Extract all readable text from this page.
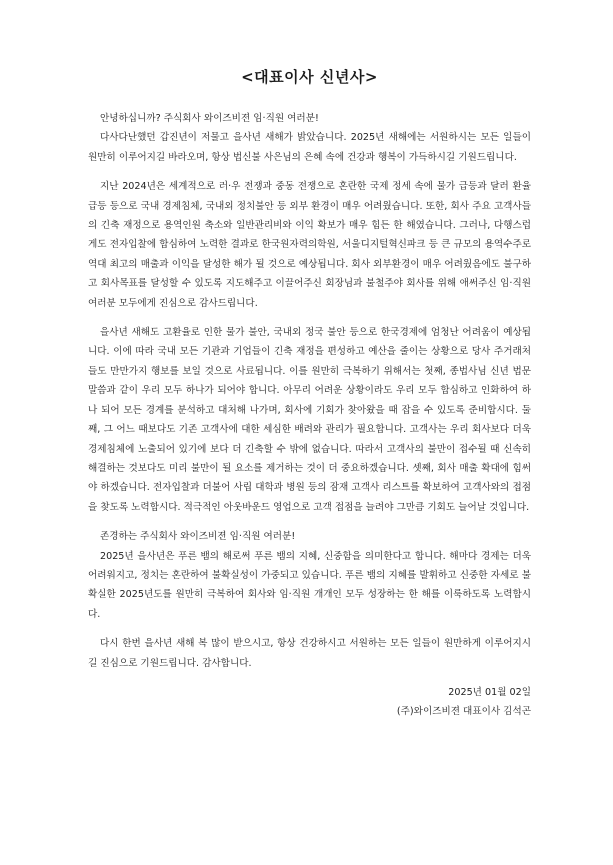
<대표이사 신년사>
안녕하십니까? 주식회사 와이즈비젼 임·직원 여러분!
다사다난했던 갑진년이 저물고 을사년 새해가 밝았습니다. 2025년 새해에는 서원하시는 모든 일들이 원만히 이루어지길 바라오며, 항상 법신불 사은님의 은혜 속에 건강과 행복이 가득하시길 기원드립니다.
지난 2024년은 세계적으로 러·우 전쟁과 중동 전쟁으로 혼란한 국제 정세 속에 물가 급등과 달러 환율 급등 등으로 국내 경제침체, 국내외 정치불안 등 외부 환경이 매우 어려웠습니다. 또한, 회사 주요 고객사들의 긴축 재정으로 용역인원 축소와 일반관리비와 이익 확보가 매우 힘든 한 해였습니다. 그러나, 다행스럽게도 전자입찰에 합심하여 노력한 결과로 한국원자력의학원, 서울디지털혁신파크 등 큰 규모의 용역수주로 역대 최고의 매출과 이익을 달성한 해가 될 것으로 예상됩니다. 회사 외부환경이 매우 어려웠음에도 불구하고 회사목표를 달성할 수 있도록 지도해주고 이끌어주신 회장님과 불철주야 회사를 위해 애써주신 임·직원 여러분 모두에게 진심으로 감사드립니다.
을사년 새해도 고환율로 인한 물가 불안, 국내외 정국 불안 등으로 한국경제에 엄청난 어려움이 예상됩니다. 이에 따라 국내 모든 기관과 기업들이 긴축 재정을 편성하고 예산을 줄이는 상황으로 당사 주거래처들도 만만가지 행보를 보일 것으로 사료됩니다. 이를 원만히 극복하기 위해서는 첫째, 종법사님 신년 법문 말씀과 같이 우리 모두 하나가 되어야 합니다. 아무리 어려운 상황이라도 우리 모두 합심하고 인화하여 하나 되어 모든 경계를 분석하고 대처해 나가며, 회사에 기회가 찾아왔을 때 잡을 수 있도록 준비합시다. 둘째, 그 어느 때보다도 기존 고객사에 대한 세심한 배려와 관리가 필요합니다. 고객사는 우리 회사보다 더욱 경제침체에 노출되어 있기에 보다 더 긴축할 수 밖에 없습니다. 따라서 고객사의 불만이 접수될 때 신속히 해결하는 것보다도 미리 불만이 될 요소를 제거하는 것이 더 중요하겠습니다. 셋째, 회사 매출 확대에 힘써야 하겠습니다. 전자입찰과 더불어 사립 대학과 병원 등의 잠재 고객사 리스트를 확보하여 고객사와의 접점을 찾도록 노력합시다. 적극적인 아웃바운드 영업으로 고객 접점을 늘려야 그만큼 기회도 늘어날 것입니다.
존경하는 주식회사 와이즈비젼 임·직원 여러분!
2025년 을사년은 푸른 뱀의 해로써 푸른 뱀의 지혜, 신중함을 의미한다고 합니다. 해마다 경제는 더욱 어려워지고, 정치는 혼란하여 불확실성이 가중되고 있습니다. 푸른 뱀의 지혜를 발휘하고 신중한 자세로 불확실한 2025년도를 원만히 극복하여 회사와 임·직원 개개인 모두 성장하는 한 해를 이룩하도록 노력합시다.
다시 한번 을사년 새해 복 많이 받으시고, 항상 건강하시고 서원하는 모든 일들이 원만하게 이루어지시길 진심으로 기원드립니다. 감사합니다.
2025년 01월 02일
(주)와이즈비젼 대표이사 김석곤
